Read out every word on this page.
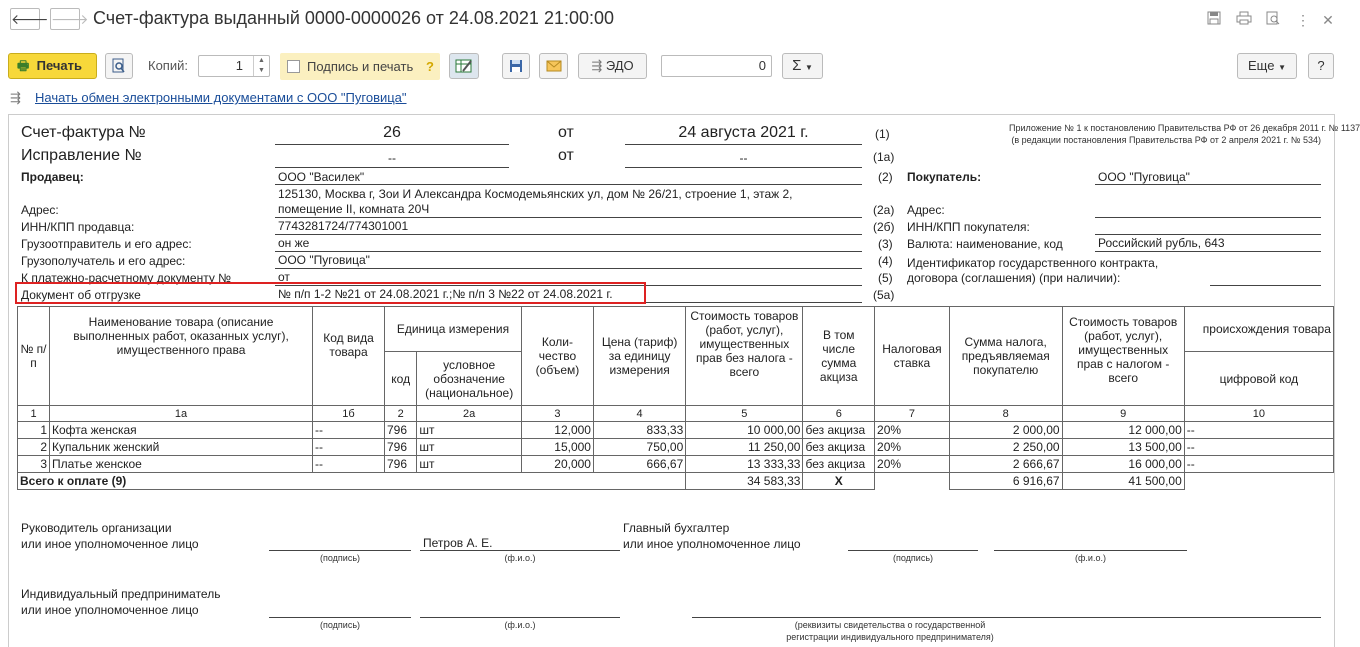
🡐 🡒 Счет-фактура выданный 0000-0000026 от 24.08.2021 21:00:00	⋮ ✕
🖶 Печать	Копий:	1	▲
▼	Подпись и печать ?	⇶ ЭДО	0	Σ ▼	Еще ▼	?
⇶ Начать обмен электронными документами с ООО "Пуговица"
Приложение № 1 к постановлению Правительства РФ от 26 декабря 2011 г. № 1137
(в редакции постановления Правительства РФ от 2 апреля 2021 г. № 534)
Счет-фактура №	26	от	24 августа 2021 г.	(1)
Исправление №	--	от	--	(1а)
Продавец:	ООО "Василек"	(2) Покупатель:	ООО "Пуговица"
125130, Москва г, Зои И Александра Космодемьянских ул, дом № 26/21, строение 1, этаж 2,
Адрес:	помещение II, комната 20Ч	(2а) Адрес:
ИНН/КПП продавца:	7743281724/774301001	(2б) ИНН/КПП покупателя:
Грузоотправитель и его адрес:	он же	(3) Валюта: наименование, код	Российский рубль, 643
Грузополучатель и его адрес:	ООО "Пуговица"	(4) Идентификатор государственного контракта,
договора (соглашения) (при наличии):
К платежно-расчетному документу №	от	(5)
Документ об отгрузке	№ п/п 1-2 №21 от 24.08.2021 г.;№ п/п 3 №22 от 24.08.2021 г.	(5а)
№ п/п	Наименование товара (описание выполненных работ, оказанных услуг), имущественного права	Код вида товара	Единица измерения		Коли-чество (объем)	Цена (тариф) за единицу измерения	Стоимость товаров (работ, услуг), имущественных прав без налога - всего	В том числе сумма акциза	Налоговая ставка	Сумма налога, предъявляемая покупателю	Стоимость товаров (работ, услуг), имущественных прав с налогом - всего	происхождения товара
			код	условное обозначение (национальное)								цифровой код
1	1а	1б	2	2а	3	4	5	6	7	8	9	10
1	Кофта женская	--	796	шт	12,000	833,33	10 000,00	без акциза	20%	2 000,00	12 000,00	--
2	Купальник женский	--	796	шт	15,000	750,00	11 250,00	без акциза	20%	2 250,00	13 500,00	--
3	Платье женское	--	796	шт	20,000	666,67	13 333,33	без акциза	20%	2 666,67	16 000,00	--
Всего к оплате (9)							34 583,33	X		6 916,67	41 500,00	
Руководитель организации
или иное уполномоченное лицо
(подпись)
Петров А. Е.
(ф.и.о.)
Главный бухгалтер
или иное уполномоченное лицо
(подпись)	(ф.и.о.)
Индивидуальный предприниматель
или иное уполномоченное лицо
(подпись)	(ф.и.о.)	(реквизиты свидетельства о государственной
регистрации индивидуального предпринимателя)
